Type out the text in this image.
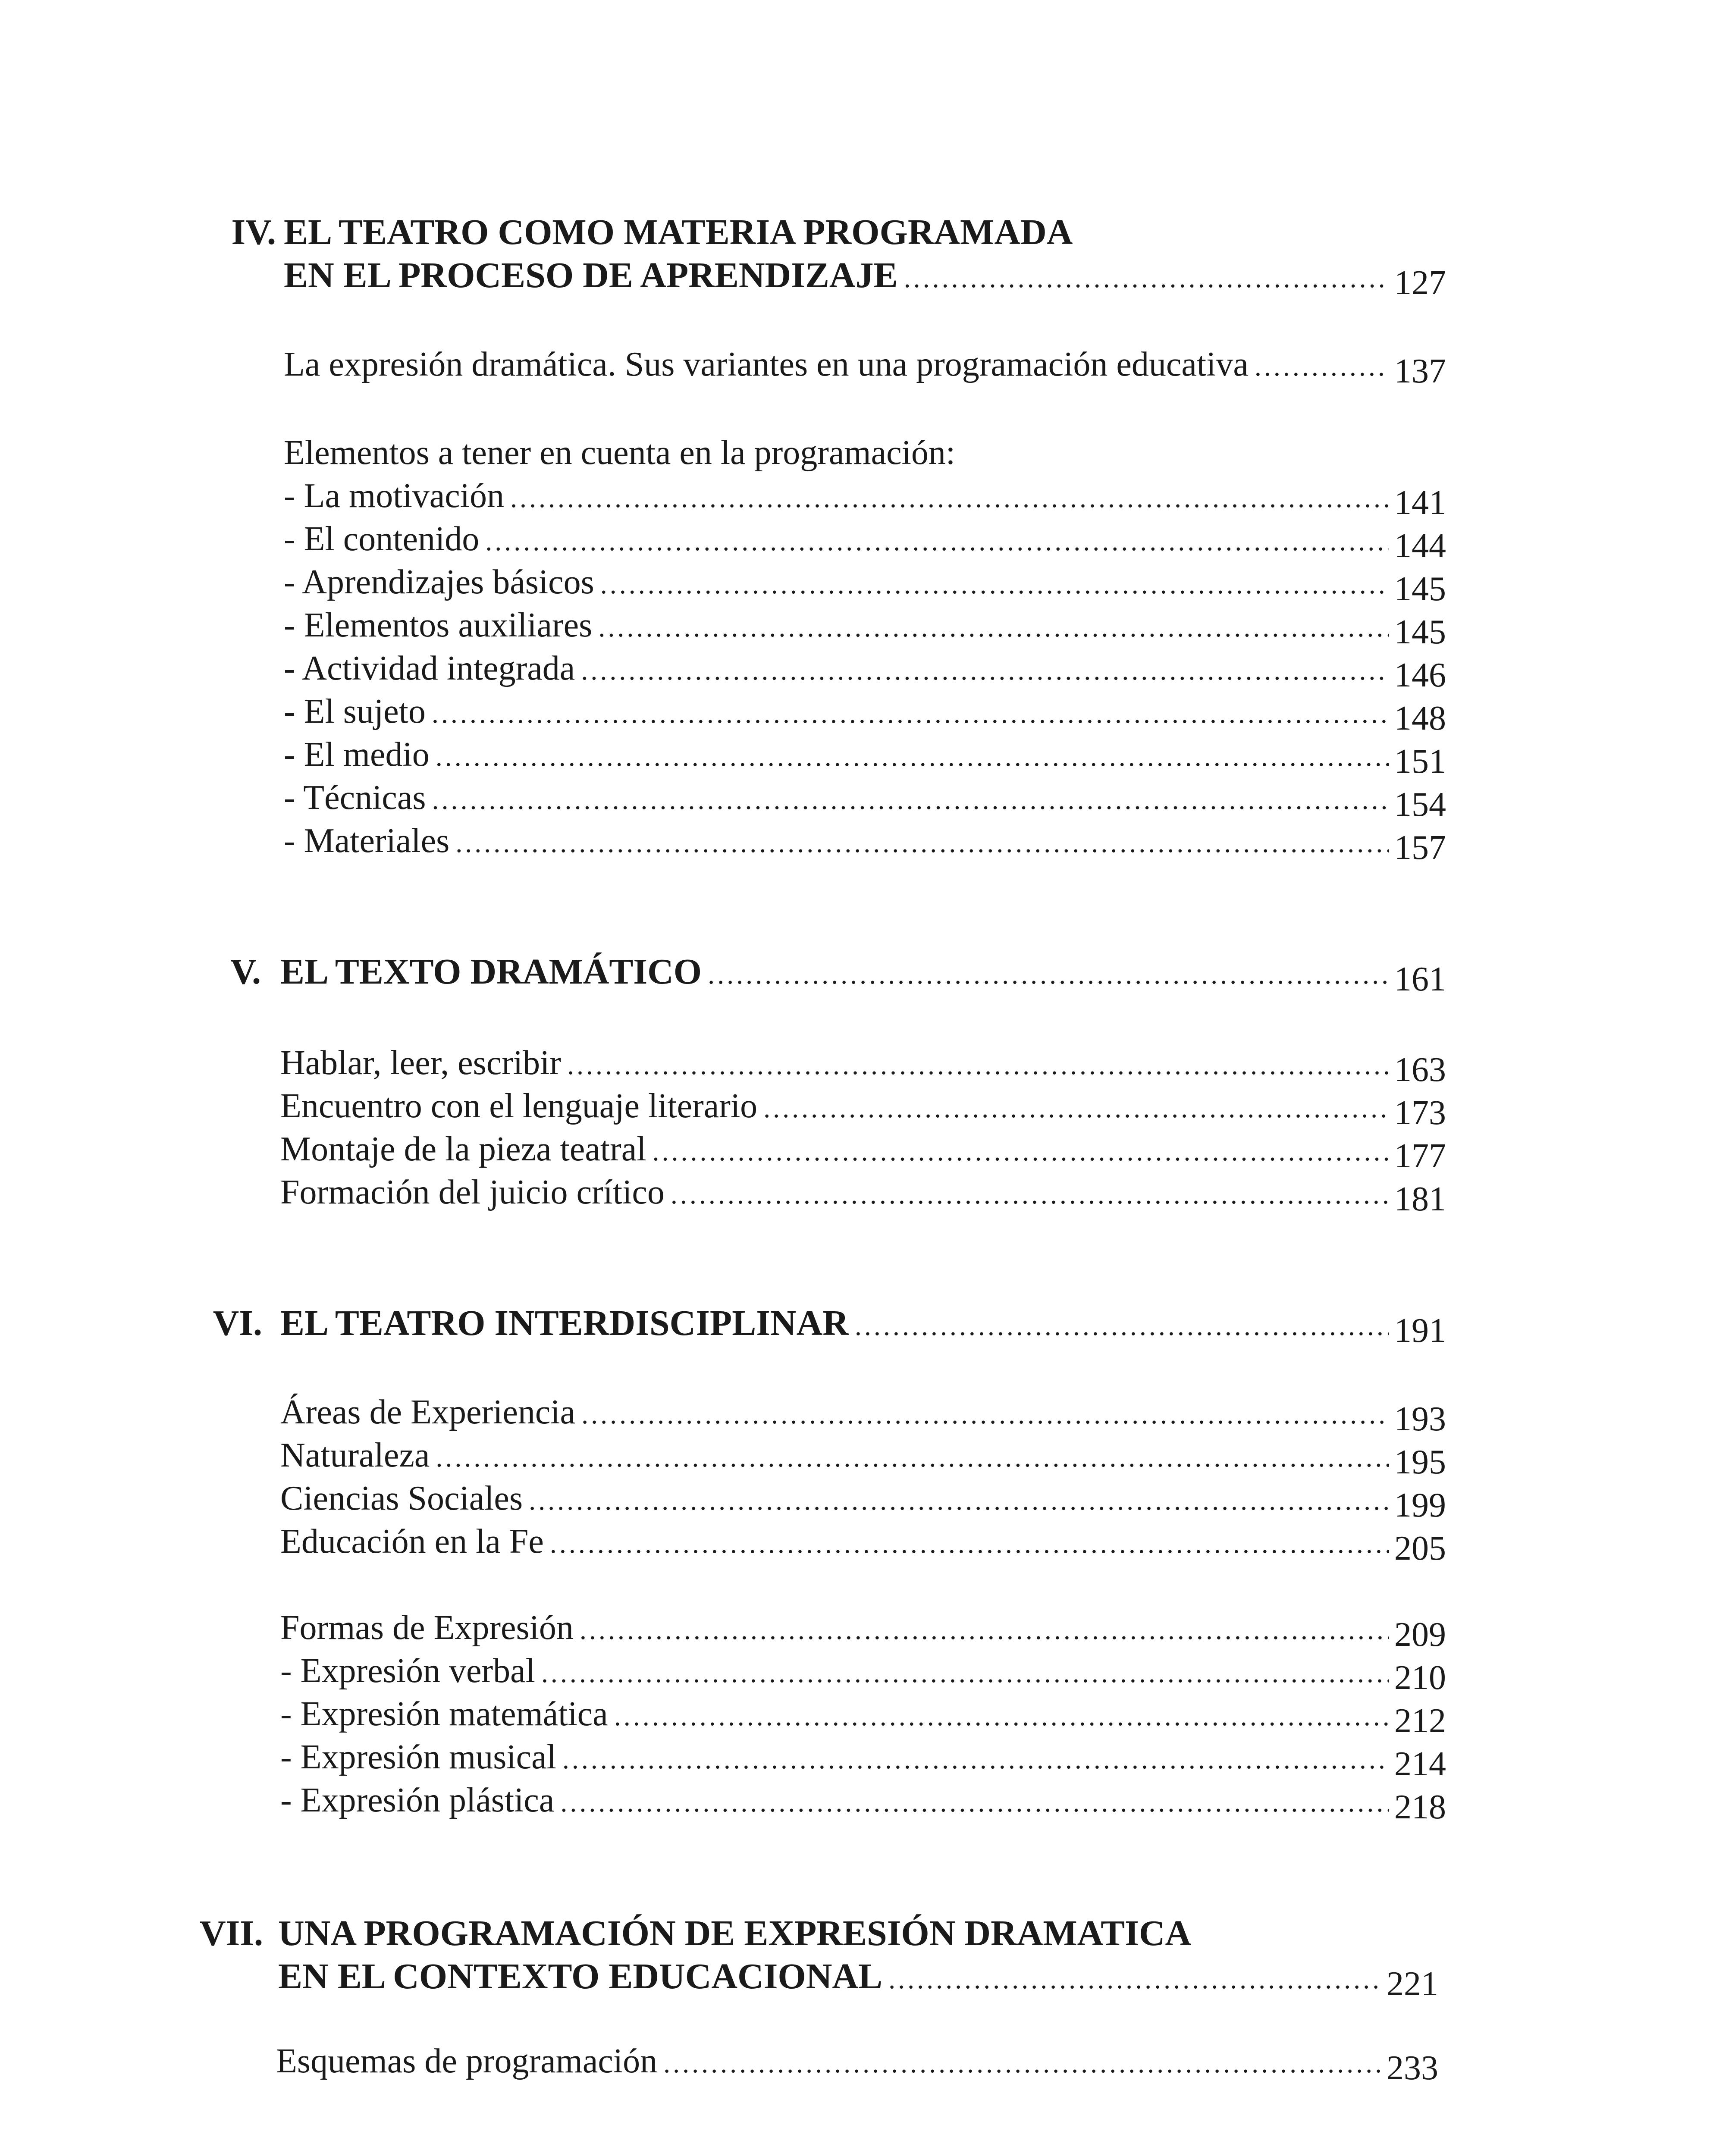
IV. EL TEATRO COMO MATERIA PROGRAMADA
EN EL PROCESO DE APRENDIZAJE .....	127
La expresión dramática. Sus variantes en una programación educativa .....	137
Elementos a tener en cuenta en la programación:
- La motivación .....	141
- El contenido .....	144
- Aprendizajes básicos .....	145
- Elementos auxiliares .....	145
- Actividad integrada .....	146
- El sujeto .....	148
- El medio .....	151
- Técnicas .....	154
- Materiales .....	157
V. EL TEXTO DRAMÁTICO .....	161
Hablar, leer, escribir .....	163
Encuentro con el lenguaje literario .....	173
Montaje de la pieza teatral .....	177
Formación del juicio crítico .....	181
VI. EL TEATRO INTERDISCIPLINAR .....	191
Áreas de Experiencia .....	193
Naturaleza .....	195
Ciencias Sociales .....	199
Educación en la Fe .....	205
Formas de Expresión .....	209
- Expresión verbal .....	210
- Expresión matemática .....	212
- Expresión musical .....	214
- Expresión plástica .....	218
VII. UNA PROGRAMACIÓN DE EXPRESIÓN DRAMATICA
EN EL CONTEXTO EDUCACIONAL .....	221
Esquemas de programación .....	233
